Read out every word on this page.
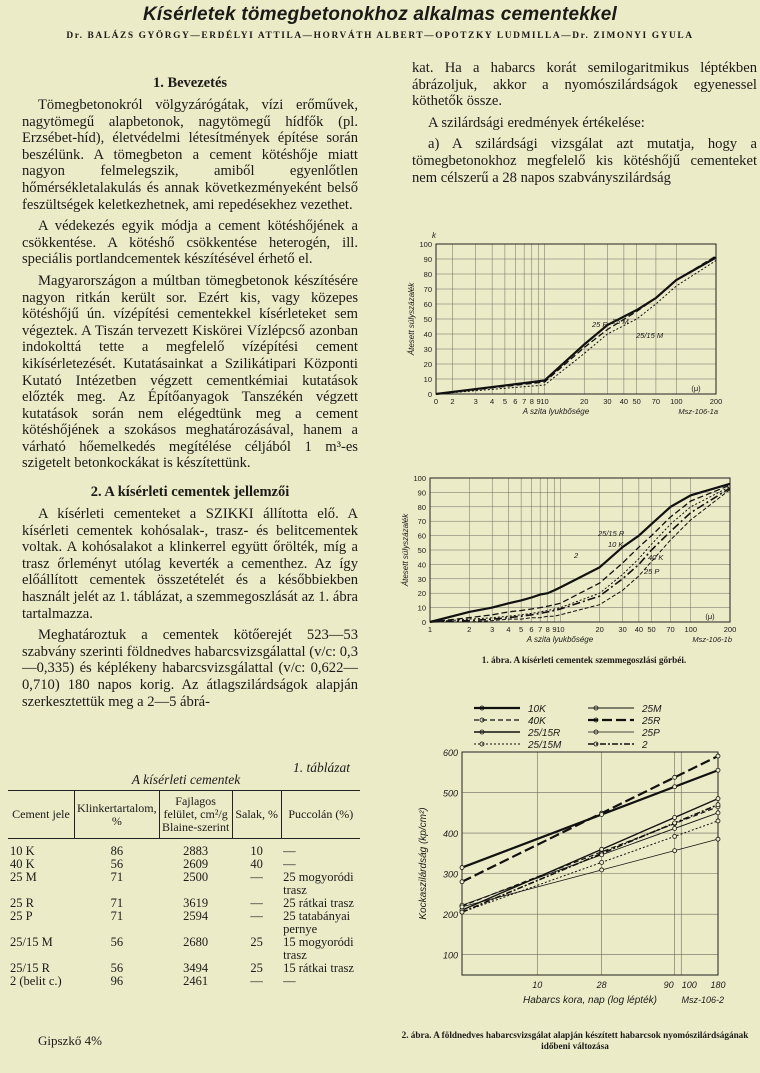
Kísérletek tömegbetonokhoz alkalmas cementekkel
Dr. BALÁZS GYÖRGY—ERDÉLYI ATTILA—HORVÁTH ALBERT—OPOTZKY LUDMILLA—Dr. ZIMONYI GYULA
1. Bevezetés

Tömegbetonokról völgyzárógátak, vízi erőművek, nagytömegű alapbetonok, nagytömegű hídfők (pl. Erzsébet-híd), életvédelmi létesítmények építése során beszélünk. A tömegbeton a cement kötéshője miatt nagyon felmelegszik, amiből egyenlőtlen hőmérsékletalakulás és annak következményeként belső feszültségek keletkezhetnek, ami repedésekhez vezethet.

A védekezés egyik módja a cement kötéshőjének a csökkentése. A kötéshő csökkentése heterogén, ill. speciális portlandcementek készítésével érhető el.

Magyarországon a múltban tömegbetonok készítésére nagyon ritkán került sor. Ezért kis, vagy közepes kötéshőjű ún. vízépítési cementekkel kísérleteket sem végeztek. A Tiszán tervezett Kiskörei Vízlépcső azonban indokolttá tette a megfelelő vízépítési cement kikísérletezését. Kutatásainkat a Szilikátipari Központi Kutató Intézetben végzett cementkémiai kutatások előzték meg. Az Építőanyagok Tanszékén végzett kutatások során nem elégedtünk meg a cement kötéshőjének a szokásos meghatározásával, hanem a várható hőemelkedés megítélése céljából 1 m³-es szigetelt betonkockákat is készítettünk.

2. A kísérleti cementek jellemzői

A kísérleti cementeket a SZIKKI állította elő. A kísérleti cementek kohósalak-, trasz- és belitcementek voltak. A kohósalakot a klinkerrel együtt őrölték, míg a trasz őrleményt utólag keverték a cementhez. Az így előállított cementek összetételét és a későbbiekben használt jelét az 1. táblázat, a szemmegoszlását az 1. ábra tartalmazza.

Meghatároztuk a cementek kötőerejét 523—53 szabvány szerinti földnedves habarcsvizsgálattal (v/c: 0,3—0,335) és képlékeny habarcsvizsgálattal (v/c: 0,622—0,710) 180 napos korig. Az átlagszilárdságok alapján szerkesztettük meg a 2—5 ábrá-

kat. Ha a habarcs korát semilogaritmikus léptékben ábrázoljuk, akkor a nyomószilárdságok egyenessel köthetők össze.

A szilárdsági eredmények értékelése:

a) A szilárdsági vizsgálat azt mutatja, hogy a tömegbetonokhoz megfelelő kis kötéshőjű cementeket nem célszerű a 28 napos szabványszilárdság

0
10
20
30
40
50
60
70
80
90
100
0 2	3 4 5 6 7 8 9 10	20 30 40 50 70 100	200
Átesett súlyszázalék
A szita lyukbősége
(μ)
Msz-106-1a
25 R 25 M
25/15 M
k
0
10
20
30
40
50
60
70
80
90
100
1	2	3 4 5 6 7 8 9 10	20 30 40 50 70 100	200
Átesett súlyszázalék
A szita lyukbősége
(μ)
Msz-106-1b
25/15 R
10 K
2	40 K
25 P
1. ábra. A kísérleti cementek szemmegoszlási görbéi.
100
200
300
400
500
600
10	28	90 100 180
Kockaszilárdság (kp/cm²)
Habarcs kora, nap (log lépték)	Msz-106-2
10K	25M
40K	25R
25/15R	25P
25/15M	2
2. ábra. A földnedves habarcsvizsgálat alapján készített habarcsok nyomószilárdságának időbeni változása
1. táblázat
A kísérleti cementek
Cement jele	Klinkertartalom, %	Fajlagos felület, cm²/g Blaine-szerint	Salak, %	Puccolán (%)
10 K	86	2883	10	—
40 K	56	2609	40	—
25 M	71	2500	—	25 mogyoródi trasz
25 R	71	3619	—	25 rátkai trasz
25 P	71	2594	—	25 tatabányai pernye
25/15 M	56	2680	25	15 mogyoródi trasz
25/15 R	56	3494	25	15 rátkai trasz
2 (belit c.)	96	2461	—	—
Gipszkő 4%
